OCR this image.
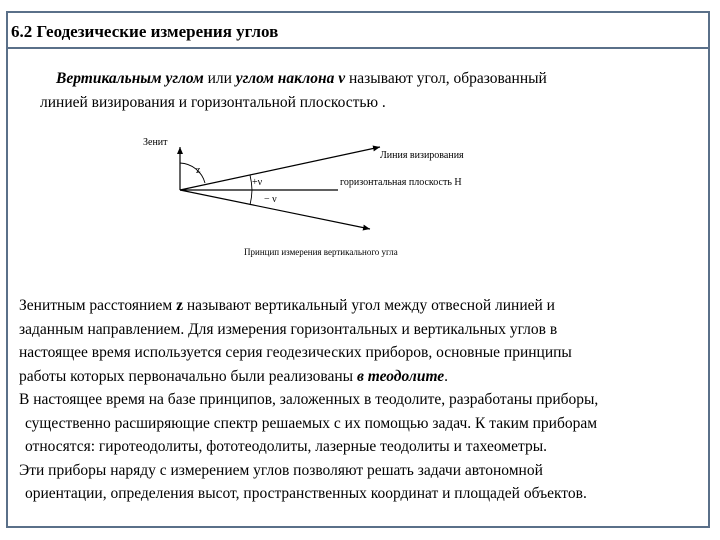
6.2 Геодезические измерения углов
Вертикальным углом или углом наклона ν называют угол, образованный
линией визирования и горизонтальной плоскостью .
Зенит
z
+ν
− ν
Линия визирования
горизонтальная плоскость Н
Принцип измерения вертикального угла
Зенитным расстоянием z называют вертикальный угол между отвесной линией и
заданным направлением. Для измерения горизонтальных и вертикальных углов в
настоящее время используется серия геодезических приборов, основные принципы
работы которых первоначально были реализованы в теодолите.
В настоящее время на базе принципов, заложенных в теодолите, разработаны приборы,
существенно расширяющие спектр решаемых с их помощью задач. К таким приборам
относятся: гиротеодолиты, фототеодолиты, лазерные теодолиты и тахеометры.
Эти приборы наряду с измерением углов позволяют решать задачи автономной
ориентации, определения высот, пространственных координат и площадей объектов.
